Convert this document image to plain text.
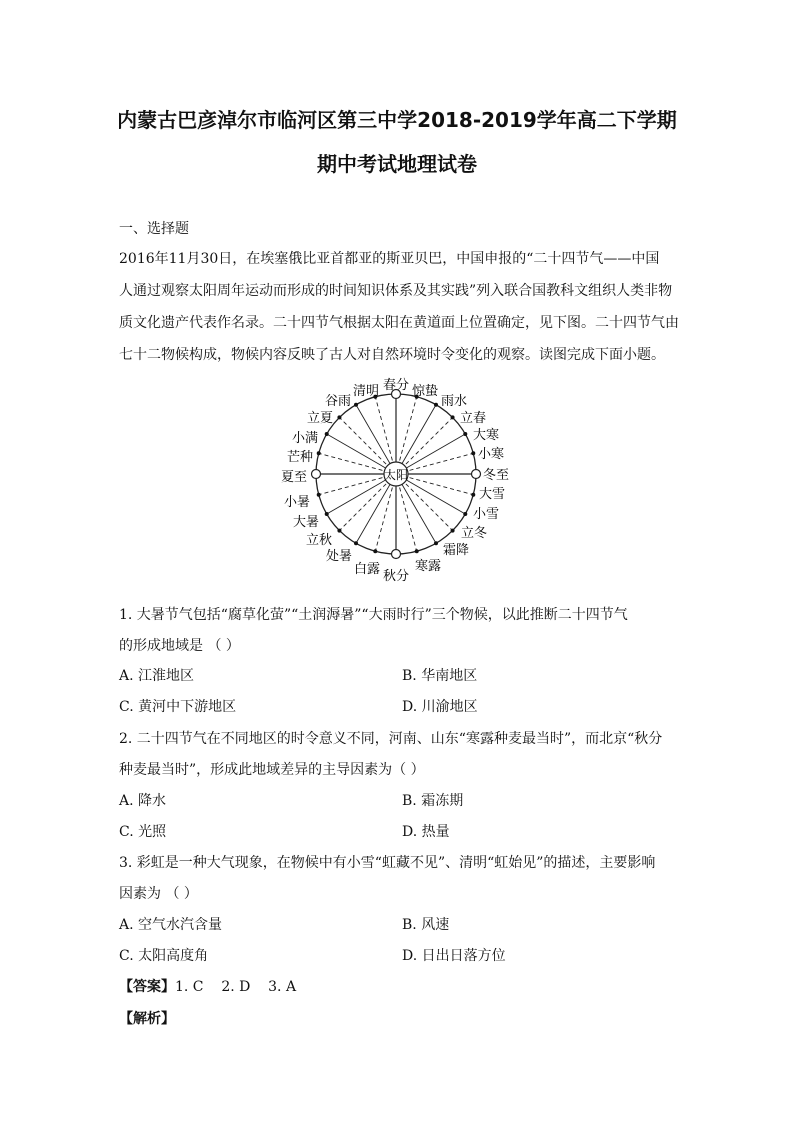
内蒙古巴彦淖尔市临河区第三中学2018-2019学年高二下学期
期中考试地理试卷
一、选择题
2016年11月30日，在埃塞俄比亚首都亚的斯亚贝巴，中国申报的“二十四节气——中国
人通过观察太阳周年运动而形成的时间知识体系及其实践”列入联合国教科文组织人类非物
质文化遗产代表作名录。二十四节气根据太阳在黄道面上位置确定，见下图。二十四节气由
七十二物候构成，物候内容反映了古人对自然环境时令变化的观察。读图完成下面小题。
太阳
清明 春分 惊蛰
雨水
谷雨
立夏	立春
大寒
小满
小寒
芒种
夏至	冬至
大雪
小暑
小雪
大暑
立冬
立秋
霜降
处暑
寒露
白露 秋分
1. 大暑节气包括“腐草化萤”“土润溽暑”“大雨时行”三个物候，以此推断二十四节气
的形成地域是 （ ）
A. 江淮地区	B. 华南地区
C. 黄河中下游地区	D. 川渝地区
2. 二十四节气在不同地区的时令意义不同，河南、山东“寒露种麦最当时”，而北京“秋分
种麦最当时”，形成此地域差异的主导因素为（ ）
A. 降水	B. 霜冻期
C. 光照	D. 热量
3. 彩虹是一种大气现象，在物候中有小雪“虹藏不见”、清明“虹始见”的描述，主要影响
因素为 （ ）
A. 空气水汽含量	B. 风速
C. 太阳高度角	D. 日出日落方位
【答案】1. C    2. D    3. A
【解析】
